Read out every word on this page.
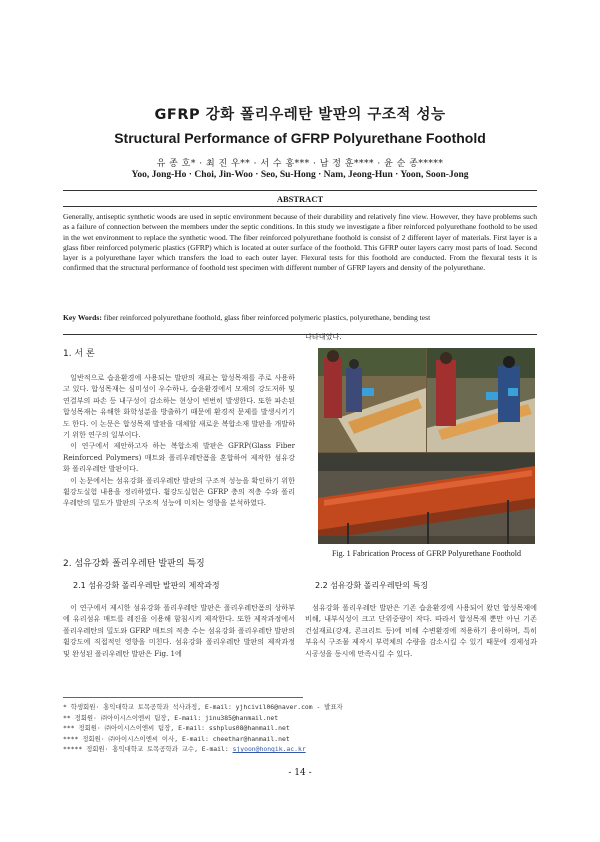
GFRP 강화 폴리우레탄 발판의 구조적 성능
Structural Performance of GFRP Polyurethane Foothold
유 종 호* · 최 진 우** · 서 수 홍*** · 남 정 훈**** · 윤 순 종*****
Yoo, Jong-Ho · Choi, Jin-Woo · Seo, Su-Hong · Nam, Jeong-Hun · Yoon, Soon-Jong
ABSTRACT

Generally, antiseptic synthetic woods are used in septic environment because of their durability and relatively fine view. However, they have problems such as a failure of connection between the members under the septic conditions. In this study we investigate a fiber reinforced polyurethane foothold to be used in the wet environment to replace the synthetic wood. The fiber reinforced polyurethane foothold is consist of 2 different layer of materials. First layer is a glass fiber reinforced polymeric plastics (GFRP) which is located at outer surface of the foothold. This GFRP outer layers carry most parts of load. Second layer is a polyurethane layer which transfers the load to each outer layer. Flexural tests for this foothold are conducted. From the flexural tests it is confirmed that the structural performance of foothold test specimen with different number of GFRP layers and density of the polyurethane.

Key Words: fiber reinforced polyurethane foothold, glass fiber reinforced polymeric plastics, polyurethane, bending test

1. 서 론

일반적으로 습윤환경에 사용되는 발판의 재료는 합성목재를 주로 사용하고 있다. 합성목재는 심미성이 우수하나, 습윤환경에서 모재의 강도저하 및 연결부의 파손 등 내구성이 감소하는 현상이 빈번히 발생한다. 또한 파손된 합성목재는 유해한 화학성분을 방출하기 때문에 환경적 문제를 발생시키기도 한다. 이 논문은 합성목재 발판을 대체할 새로운 복합소재 발판을 개발하기 위한 연구의 일부이다.

이 연구에서 제안하고자 하는 복합소재 발판은 GFRP(Glass Fiber Reinforced Polymers) 매트와 폴리우레탄폼을 혼합하여 제작한 섬유강화 폴리우레탄 발판이다.

이 논문에서는 섬유강화 폴리우레탄 발판의 구조적 성능을 확인하기 위한 휨강도실험 내용을 정리하였다. 휨강도실험은 GFRP 층의 적층 수와 폴리우레탄의 밀도가 발판의 구조적 성능에 미치는 영향을 분석하였다.

2. 섬유강화 폴리우레탄 발판의 특징
2.1 섬유강화 폴리우레탄 발판의 제작과정

이 연구에서 제시한 섬유강화 폴리우레탄 발판은 폴리우레탄폼의 상하부에 유리섬유 매트를 레진을 이용해 함침시켜 제작한다. 또한 제작과정에서 폴리우레탄의 밀도와 GFRP 매트의 적층 수는 섬유강화 폴리우레탄 발판의 휨강도에 직접적인 영향을 미친다. 섬유강화 폴리우레탄 발판의 제작과정 및 완성된 폴리우레탄 발판은 Fig. 1에

나타내었다.
Fig. 1 Fabrication Process of GFRP Polyurethane Foothold
2.2 섬유강화 폴리우레탄의 특징

섬유강화 폴리우레탄 발판은 기존 습윤환경에 사용되어 왔던 합성목재에 비해, 내부식성이 크고 단위중량이 작다. 따라서 합성목재 뿐만 아닌 기존 건설재료(강재, 콘크리트 등)에 비해 수변환경에 적용하기 용이하며, 특히 부유식 구조물 제작시 부력체의 수량을 감소시킬 수 있기 때문에 경제성과 시공성을 동시에 만족시킬 수 있다.

* 학생회원· 홍익대학교 토목공학과 석사과정, E-mail: yjhcivil06@naver.com - 발표자
** 정회원· ㈜아이시스이엔씨 팀장, E-mail: jinu385@hanmail.net
*** 정회원· ㈜아이시스이엔씨 팀장, E-mail: sshplus08@hanmail.net
**** 정회원· ㈜아이시스이엔씨 이사, E-mail: cheethar@hanmail.net
***** 정회원· 홍익대학교 토목공학과 교수, E-mail: sjyoon@hongik.ac.kr
- 14 -
